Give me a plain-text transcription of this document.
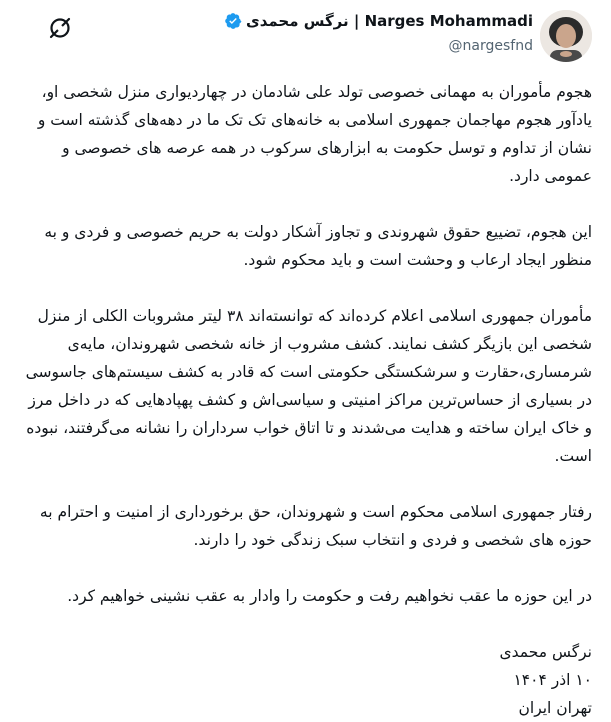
نرگس محمدی | Narges Mohammadi
@nargesfnd

هجوم مأموران به مهمانی خصوصی تولد علی شادمان در چهاردیواری منزل شخصی او، یادآور هجوم مهاجمان جمهوری اسلامی به خانه‌های تک تک ما در دهه‌های گذشته است و نشان از تداوم و توسل حکومت به ابزارهای سرکوب در همه عرصه های خصوصی و عمومی دارد.

این هجوم، تضییع حقوق شهروندی و تجاوز آشکار دولت به حریم خصوصی و فردی و به منظور ایجاد ارعاب و وحشت است و باید محکوم شود.

مأموران جمهوری اسلامی اعلام کرده‌اند که توانسته‌اند ۳۸ لیتر مشروبات الکلی از منزل شخصی این بازیگر کشف نمایند. کشف مشروب از خانه شخصی شهروندان، مایه‌ی شرمساری،حقارت و سرشکستگی حکومتی است که قادر به کشف سیستم‌های جاسوسی در بسیاری از حساس‌ترین مراکز امنیتی و سیاسی‌اش و کشف پهپادهایی که در داخل مرز و خاک ایران ساخته و هدایت می‌شدند و تا اتاق خواب سرداران را نشانه می‌گرفتند، نبوده است.

رفتار جمهوری اسلامی محکوم است و شهروندان، حق برخورداری از امنیت و احترام به حوزه های شخصی و فردی و انتخاب سبک زندگی خود را دارند.

در این حوزه ما عقب نخواهیم رفت و حکومت را وادار به عقب نشینی خواهیم کرد.

نرگس محمدی
۱۰ اذر ۱۴۰۴
تهران ایران
